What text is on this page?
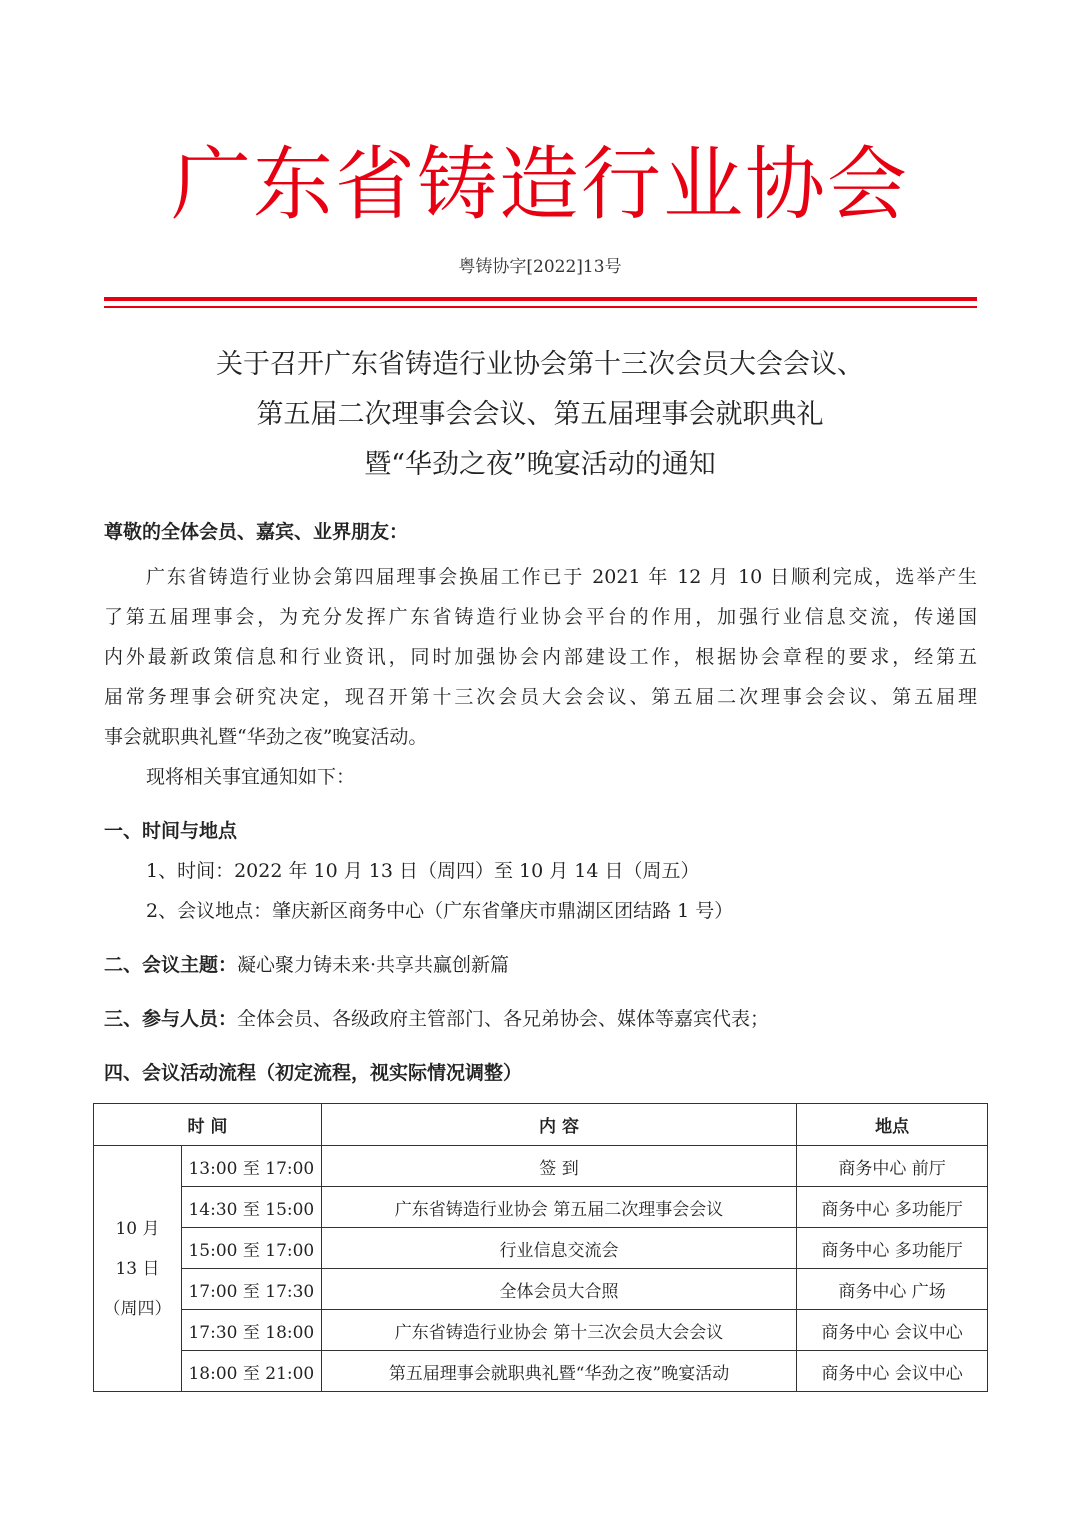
广东省铸造行业协会
粤铸协字[2022]13号
关于召开广东省铸造行业协会第十三次会员大会会议、
第五届二次理事会会议、第五届理事会就职典礼
暨“华劲之夜”晚宴活动的通知
尊敬的全体会员、嘉宾、业界朋友：
广东省铸造行业协会第四届理事会换届工作已于 2021 年 12 月 10 日顺利完成，选举产生
了第五届理事会，为充分发挥广东省铸造行业协会平台的作用，加强行业信息交流，传递国
内外最新政策信息和行业资讯，同时加强协会内部建设工作，根据协会章程的要求，经第五
届常务理事会研究决定，现召开第十三次会员大会会议、第五届二次理事会会议、第五届理
事会就职典礼暨“华劲之夜”晚宴活动。
现将相关事宜通知如下：
一、时间与地点
1、时间：2022 年 10 月 13 日（周四）至 10 月 14 日（周五）
2、会议地点：肇庆新区商务中心（广东省肇庆市鼎湖区团结路 1 号）
二、会议主题：凝心聚力铸未来·共享共赢创新篇
三、参与人员：全体会员、各级政府主管部门、各兄弟协会、媒体等嘉宾代表；
四、会议活动流程（初定流程，视实际情况调整）
时 间		内 容	地点

10 月
13 日
（周四）	13:00 至 17:00	签 到	商务中心 前厅
	14:30 至 15:00	广东省铸造行业协会 第五届二次理事会会议	商务中心 多功能厅
	15:00 至 17:00	行业信息交流会	商务中心 多功能厅
	17:00 至 17:30	全体会员大合照	商务中心 广场
	17:30 至 18:00	广东省铸造行业协会 第十三次会员大会会议	商务中心 会议中心
	18:00 至 21:00	第五届理事会就职典礼暨“华劲之夜”晚宴活动	商务中心 会议中心
